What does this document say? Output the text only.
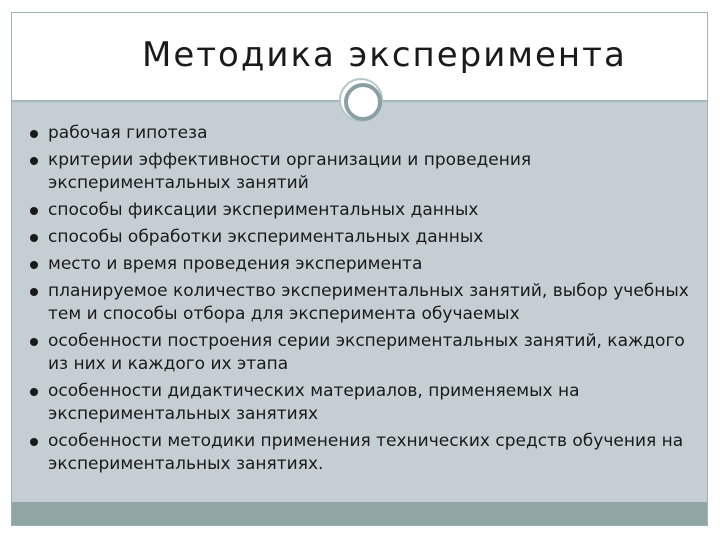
Методика эксперимента
рабочая гипотеза
критерии эффективности организации и проведения экспериментальных занятий
способы фиксации экспериментальных данных
способы обработки экспериментальных данных
место и время проведения эксперимента
планируемое количество экспериментальных занятий, выбор учебных тем и способы отбора для эксперимента обучаемых
особенности построения серии экспериментальных занятий, каждого из них и каждого их этапа
особенности дидактических материалов, применяемых на экспериментальных занятиях
особенности методики применения технических средств обучения на экспериментальных занятиях.
